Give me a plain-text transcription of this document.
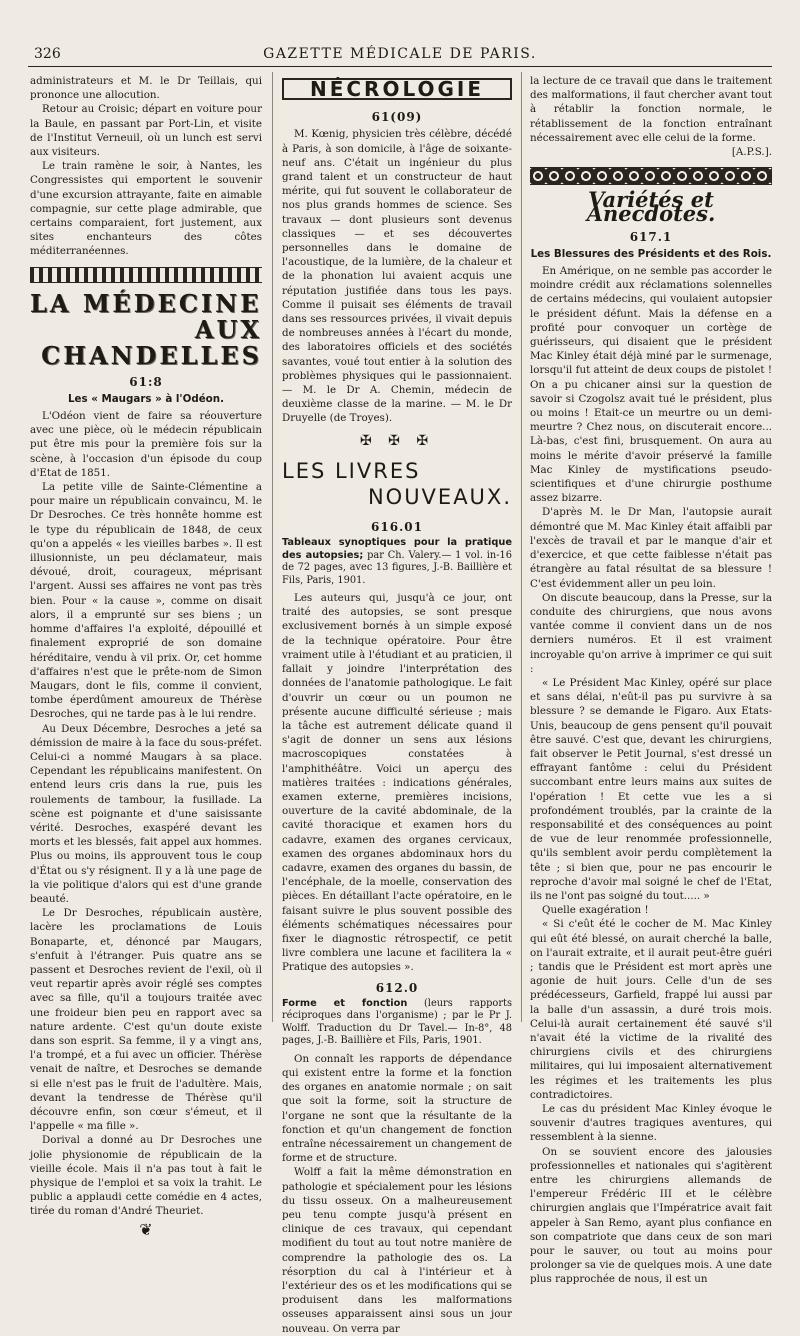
326	GAZETTE MÉDICALE DE PARIS.

administrateurs et M. le Dr Teillais, qui prononce une allocution.

Retour au Croisic; départ en voiture pour la Baule, en passant par Port-Lin, et visite de l'Institut Verneuil, où un lunch est servi aux visiteurs.

Le train ramène le soir, à Nantes, les Congressistes qui emportent le souvenir d'une excursion attrayante, faite en aimable compagnie, sur cette plage admirable, que certains comparaient, fort justement, aux sites enchanteurs des côtes méditerranéennes.

LA MÉDECINE
AUX CHANDELLES
61:8
Les « Maugars » à l'Odéon.

L'Odéon vient de faire sa réouverture avec une pièce, où le médecin républicain put être mis pour la première fois sur la scène, à l'occasion d'un épisode du coup d'Etat de 1851.

La petite ville de Sainte-Clémentine a pour maire un républicain convaincu, M. le Dr Desroches. Ce très honnête homme est le type du républicain de 1848, de ceux qu'on a appelés « les vieilles barbes ». Il est illusionniste, un peu déclamateur, mais dévoué, droit, courageux, méprisant l'argent. Aussi ses affaires ne vont pas très bien. Pour « la cause », comme on disait alors, il a emprunté sur ses biens ; un homme d'affaires l'a exploité, dépouillé et finalement exproprié de son domaine héréditaire, vendu à vil prix. Or, cet homme d'affaires n'est que le prête-nom de Simon Maugars, dont le fils, comme il convient, tombe éperdûment amoureux de Thérèse Desroches, qui ne tarde pas à le lui rendre.

Au Deux Décembre, Desroches a jeté sa démission de maire à la face du sous-préfet. Celui-ci a nommé Maugars à sa place. Cependant les républicains manifestent. On entend leurs cris dans la rue, puis les roulements de tambour, la fusillade. La scène est poignante et d'une saisissante vérité. Desroches, exaspéré devant les morts et les blessés, fait appel aux hommes. Plus ou moins, ils approuvent tous le coup d'État ou s'y résignent. Il y a là une page de la vie politique d'alors qui est d'une grande beauté.

Le Dr Desroches, républicain austère, lacère les proclamations de Louis Bonaparte, et, dénoncé par Maugars, s'enfuit à l'étranger. Puis quatre ans se passent et Desroches revient de l'exil, où il veut repartir après avoir réglé ses comptes avec sa fille, qu'il a toujours traitée avec une froideur bien peu en rapport avec sa nature ardente. C'est qu'un doute existe dans son esprit. Sa femme, il y a vingt ans, l'a trompé, et a fui avec un officier. Thérèse venait de naître, et Desroches se demande si elle n'est pas le fruit de l'adultère. Mais, devant la tendresse de Thérèse qu'il découvre enfin, son cœur s'émeut, et il l'appelle « ma fille ».

Dorival a donné au Dr Desroches une jolie physionomie de républicain de la vieille école. Mais il n'a pas tout à fait le physique de l'emploi et sa voix la trahit. Le public a applaudi cette comédie en 4 actes, tirée du roman d'André Theuriet.

❦
NÉCROLOGIE
61(09)

M. Kœnig, physicien très célèbre, décédé à Paris, à son domicile, à l'âge de soixante-neuf ans. C'était un ingénieur du plus grand talent et un constructeur de haut mérite, qui fut souvent le collaborateur de nos plus grands hommes de science. Ses travaux — dont plusieurs sont devenus classiques — et ses découvertes personnelles dans le domaine de l'acoustique, de la lumière, de la chaleur et de la phonation lui avaient acquis une réputation justifiée dans tous les pays. Comme il puisait ses éléments de travail dans ses ressources privées, il vivait depuis de nombreuses années à l'écart du monde, des laboratoires officiels et des sociétés savantes, voué tout entier à la solution des problèmes physiques qui le passionnaient. — M. le Dr A. Chemin, médecin de deuxième classe de la marine. — M. le Dr Druyelle (de Troyes).

✠ ✠ ✠
LES LIVRES
NOUVEAUX.
616.01

Tableaux synoptiques pour la pratique des autopsies; par Ch. Valery.— 1 vol. in-16 de 72 pages, avec 13 figures, J.-B. Baillière et Fils, Paris, 1901.

Les auteurs qui, jusqu'à ce jour, ont traité des autopsies, se sont presque exclusivement bornés à un simple exposé de la technique opératoire. Pour être vraiment utile à l'étudiant et au praticien, il fallait y joindre l'interprétation des données de l'anatomie pathologique. Le fait d'ouvrir un cœur ou un poumon ne présente aucune difficulté sérieuse ; mais la tâche est autrement délicate quand il s'agit de donner un sens aux lésions macroscopiques constatées à l'amphithéâtre. Voici un aperçu des matières traitées : indications générales, examen externe, premières incisions, ouverture de la cavité abdominale, de la cavité thoracique et examen hors du cadavre, examen des organes cervicaux, examen des organes abdominaux hors du cadavre, examen des organes du bassin, de l'encéphale, de la moelle, conservation des pièces. En détaillant l'acte opératoire, en le faisant suivre le plus souvent possible des éléments schématiques nécessaires pour fixer le diagnostic rétrospectif, ce petit livre comblera une lacune et facilitera la « Pratique des autopsies ».

612.0

Forme et fonction (leurs rapports réciproques dans l'organisme) ; par le Pr J. Wolff. Traduction du Dr Tavel.— In-8°, 48 pages, J.-B. Baillière et Fils, Paris, 1901.

On connaît les rapports de dépendance qui existent entre la forme et la fonction des organes en anatomie normale ; on sait que soit la forme, soit la structure de l'organe ne sont que la résultante de la fonction et qu'un changement de fonction entraîne nécessairement un changement de forme et de structure.

Wolff a fait la même démonstration en pathologie et spécialement pour les lésions du tissu osseux. On a malheureusement peu tenu compte jusqu'à présent en clinique de ces travaux, qui cependant modifient du tout au tout notre manière de comprendre la pathologie des os. La résorption du cal à l'intérieur et à l'extérieur des os et les modifications qui se produisent dans les malformations osseuses apparaissent ainsi sous un jour nouveau. On verra par

la lecture de ce travail que dans le traitement des malformations, il faut chercher avant tout à rétablir la fonction normale, le rétablissement de la fonction entraînant nécessairement avec elle celui de la forme.

[A.P.S.].
Variétés et Anecdotes.
617.1
Les Blessures des Présidents et des Rois.

En Amérique, on ne semble pas accorder le moindre crédit aux réclamations solennelles de certains médecins, qui voulaient autopsier le président défunt. Mais la défense en a profité pour convoquer un cortège de guérisseurs, qui disaient que le président Mac Kinley était déjà miné par le surmenage, lorsqu'il fut atteint de deux coups de pistolet ! On a pu chicaner ainsi sur la question de savoir si Czogolsz avait tué le président, plus ou moins ! Etait-ce un meurtre ou un demi-meurtre ? Chez nous, on discuterait encore... Là-bas, c'est fini, brusquement. On aura au moins le mérite d'avoir préservé la famille Mac Kinley de mystifications pseudo-scientifiques et d'une chirurgie posthume assez bizarre.

D'après M. le Dr Man, l'autopsie aurait démontré que M. Mac Kinley était affaibli par l'excès de travail et par le manque d'air et d'exercice, et que cette faiblesse n'était pas étrangère au fatal résultat de sa blessure ! C'est évidemment aller un peu loin.

On discute beaucoup, dans la Presse, sur la conduite des chirurgiens, que nous avons vantée comme il convient dans un de nos derniers numéros. Et il est vraiment incroyable qu'on arrive à imprimer ce qui suit :

« Le Président Mac Kinley, opéré sur place et sans délai, n'eût-il pas pu survivre à sa blessure ? se demande le Figaro. Aux Etats-Unis, beaucoup de gens pensent qu'il pouvait être sauvé. C'est que, devant les chirurgiens, fait observer le Petit Journal, s'est dressé un effrayant fantôme : celui du Président succombant entre leurs mains aux suites de l'opération ! Et cette vue les a si profondément troublés, par la crainte de la responsabilité et des conséquences au point de vue de leur renommée professionnelle, qu'ils semblent avoir perdu complètement la tête ; si bien que, pour ne pas encourir le reproche d'avoir mal soigné le chef de l'Etat, ils ne l'ont pas soigné du tout..... »

Quelle exagération !

« Si c'eût été le cocher de M. Mac Kinley qui eût été blessé, on aurait cherché la balle, on l'aurait extraite, et il aurait peut-être guéri ; tandis que le Président est mort après une agonie de huit jours. Celle d'un de ses prédécesseurs, Garfield, frappé lui aussi par la balle d'un assassin, a duré trois mois. Celui-là aurait certainement été sauvé s'il n'avait été la victime de la rivalité des chirurgiens civils et des chirurgiens militaires, qui lui imposaient alternativement les régimes et les traitements les plus contradictoires.

Le cas du président Mac Kinley évoque le souvenir d'autres tragiques aventures, qui ressemblent à la sienne.

On se souvient encore des jalousies professionnelles et nationales qui s'agitèrent entre les chirurgiens allemands de l'empereur Frédéric III et le célèbre chirurgien anglais que l'Impératrice avait fait appeler à San Remo, ayant plus confiance en son compatriote que dans ceux de son mari pour le sauver, ou tout au moins pour prolonger sa vie de quelques mois. A une date plus rapprochée de nous, il est un
